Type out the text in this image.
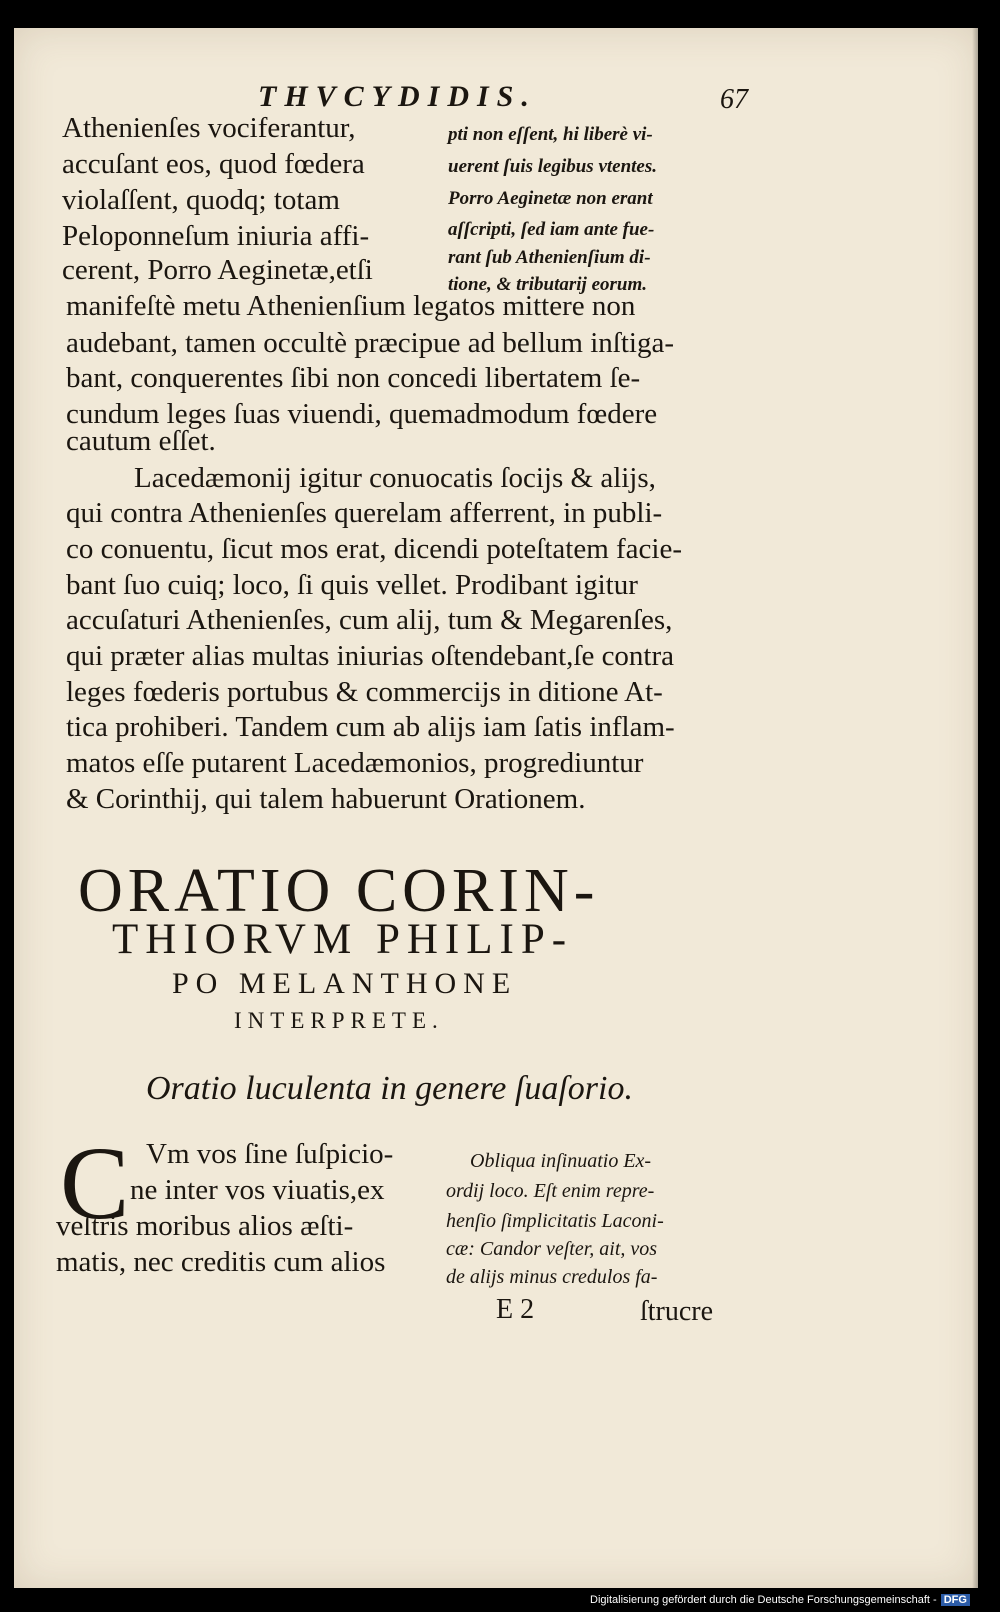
THVCYDIDIS.	67
Athenienſes vociferantur,
accuſant eos, quod fœdera
violaſſent, quodq; totam
Peloponneſum iniuria affi-
cerent, Porro Aeginetæ,etſi
manifeſtè metu Athenienſium legatos mittere non
audebant, tamen occultè præcipue ad bellum inſtiga-
bant, conquerentes ſibi non concedi libertatem ſe-
cundum leges ſuas viuendi, quemadmodum fœdere
cautum eſſet.
Lacedæmonij igitur conuocatis ſocijs & alijs,
qui contra Athenienſes querelam afferrent, in publi-
co conuentu, ſicut mos erat, dicendi poteſtatem facie-
bant ſuo cuiq; loco, ſi quis vellet. Prodibant igitur
accuſaturi Athenienſes, cum alij, tum & Megarenſes,
qui præter alias multas iniurias oſtendebant,ſe contra
leges fœderis portubus & commercijs in ditione At-
tica prohiberi. Tandem cum ab alijs iam ſatis inflam-
matos eſſe putarent Lacedæmonios, progrediuntur
& Corinthij, qui talem habuerunt Orationem.
pti non eſſent, hi liberè vi-
uerent ſuis legibus vtentes.
Porro Aeginetæ non erant
aſſcripti, ſed iam ante fue-
rant ſub Athenienſium di-
tione, & tributarij eorum.
ORATIO CORIN-
THIORVM PHILIP-
PO MELANTHONE
INTERPRETE.
Oratio luculenta in genere ſuaſorio.
C Vm vos ſine ſuſpicio-
ne inter vos viuatis,ex
veſtris moribus alios æſti-
matis, nec creditis cum alios
Obliqua inſinuatio Ex-
ordij loco. Eſt enim repre-
henſio ſimplicitatis Laconi-
cæ: Candor veſter, ait, vos
de alijs minus credulos fa-
E 2	ſtrucre
Digitalisierung gefördert durch die Deutsche Forschungsgemeinschaft - DFG
